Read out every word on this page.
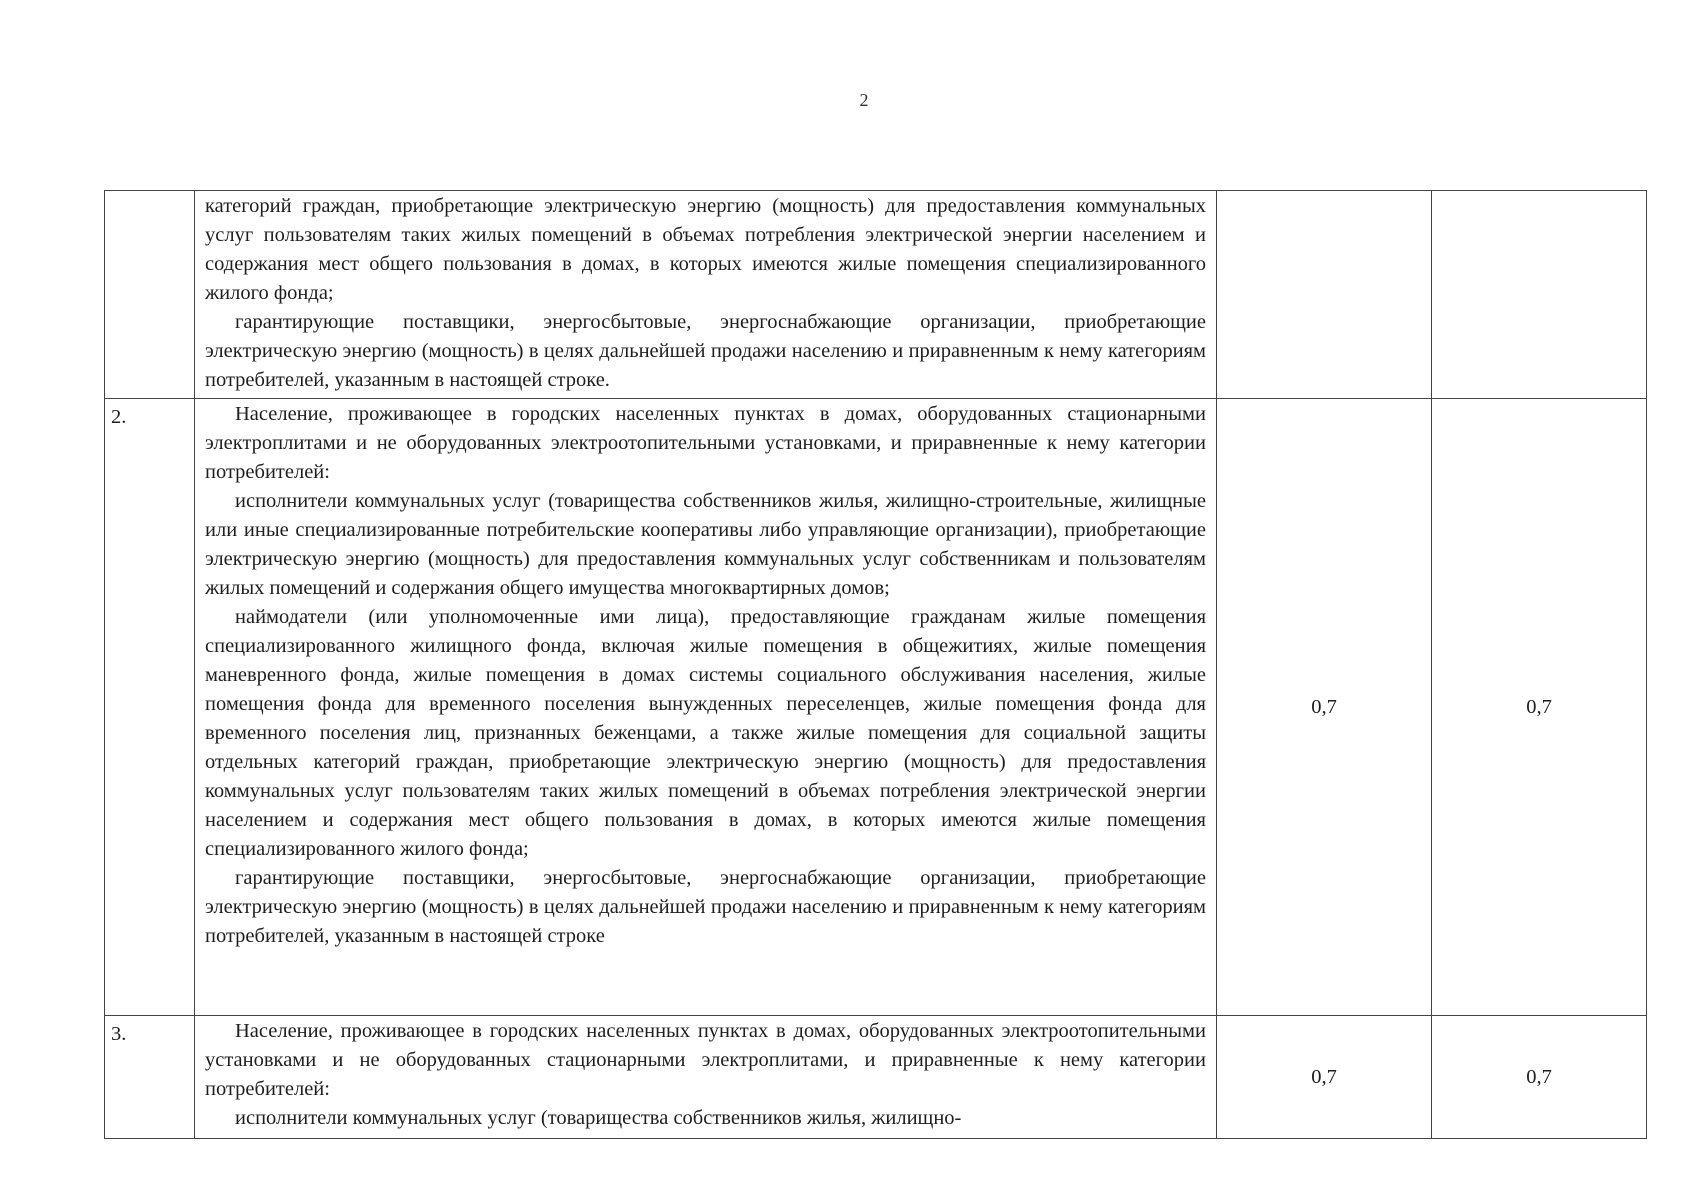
2

	категорий граждан, приобретающие электрическую энергию (мощность) для предоставления коммунальных услуг пользователям таких жилых помещений в объемах потребления электрической энергии населением и содержания мест общего пользования в домах, в которых имеются жилые помещения специализированного жилого фонда;

гарантирующие поставщики, энергосбытовые, энергоснабжающие организации, приобретающие электрическую энергию (мощность) в целях дальнейшей продажи населению и приравненным к нему категориям потребителей, указанным в настоящей строке.		

2.	Население, проживающее в городских населенных пунктах в домах, оборудованных стационарными электроплитами и не оборудованных электроотопительными установками, и приравненные к нему категории потребителей:

исполнители коммунальных услуг (товарищества собственников жилья, жилищно-строительные, жилищные или иные специализированные потребительские кооперативы либо управляющие организации), приобретающие электрическую энергию (мощность) для предоставления коммунальных услуг собственникам и пользователям жилых помещений и содержания общего имущества многоквартирных домов;

наймодатели (или уполномоченные ими лица), предоставляющие гражданам жилые помещения специализированного жилищного фонда, включая жилые помещения в общежитиях, жилые помещения маневренного фонда, жилые помещения в домах системы социального обслуживания населения, жилые помещения фонда для временного поселения вынужденных переселенцев, жилые помещения фонда для временного поселения лиц, признанных беженцами, а также жилые помещения для социальной защиты отдельных категорий граждан, приобретающие электрическую энергию (мощность) для предоставления коммунальных услуг пользователям таких жилых помещений в объемах потребления электрической энергии населением и содержания мест общего пользования в домах, в которых имеются жилые помещения специализированного жилого фонда;

гарантирующие поставщики, энергосбытовые, энергоснабжающие организации, приобретающие электрическую энергию (мощность) в целях дальнейшей продажи населению и приравненным к нему категориям потребителей, указанным в настоящей строке	0,7	0,7
3.	Население, проживающее в городских населенных пунктах в домах, оборудованных электроотопительными установками и не оборудованных стационарными электроплитами, и приравненные к нему категории потребителей:

исполнители коммунальных услуг (товарищества собственников жилья, жилищно-	0,7	0,7
